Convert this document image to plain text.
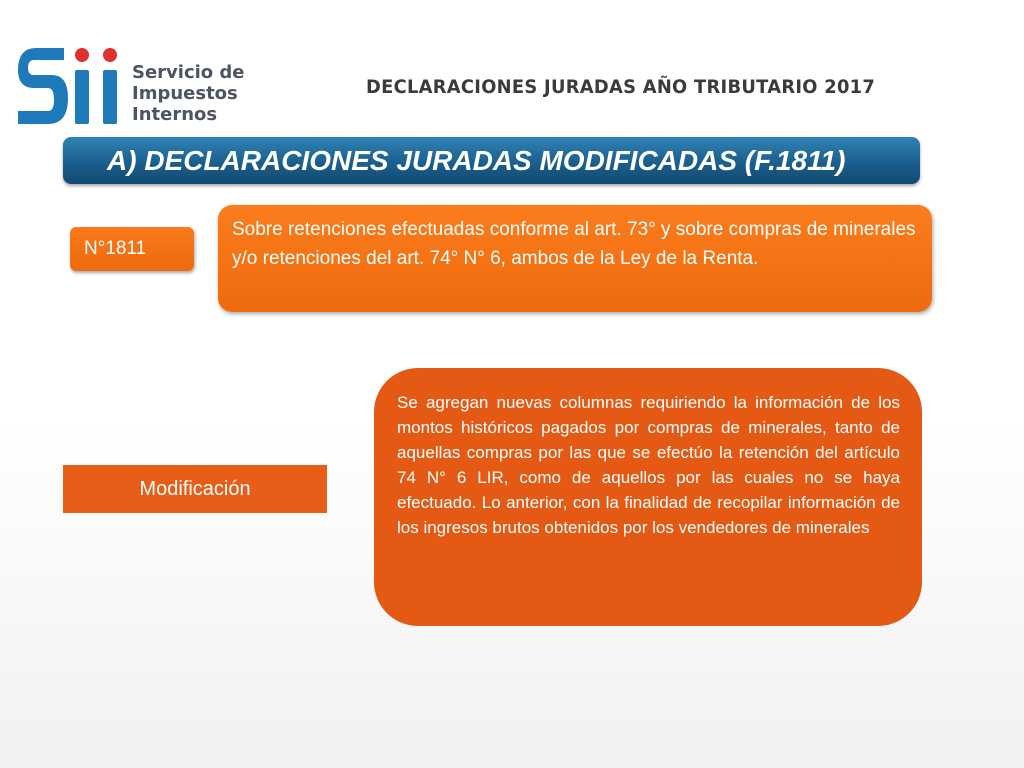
Servicio de
Impuestos
Internos
DECLARACIONES JURADAS AÑO TRIBUTARIO 2017
A) DECLARACIONES JURADAS MODIFICADAS (F.1811)
N°1811
Sobre retenciones efectuadas conforme al art. 73° y sobre compras de minerales y/o retenciones del art. 74° N° 6, ambos de la Ley de la Renta.
Modificación
Se agregan nuevas columnas requiriendo la información de los montos históricos pagados por compras de minerales, tanto de aquellas compras por las que se efectúo la retención del artículo 74 N° 6 LIR, como de aquellos por las cuales no se haya efectuado. Lo anterior, con la finalidad de recopilar información de los ingresos brutos obtenidos por los vendedores de minerales
